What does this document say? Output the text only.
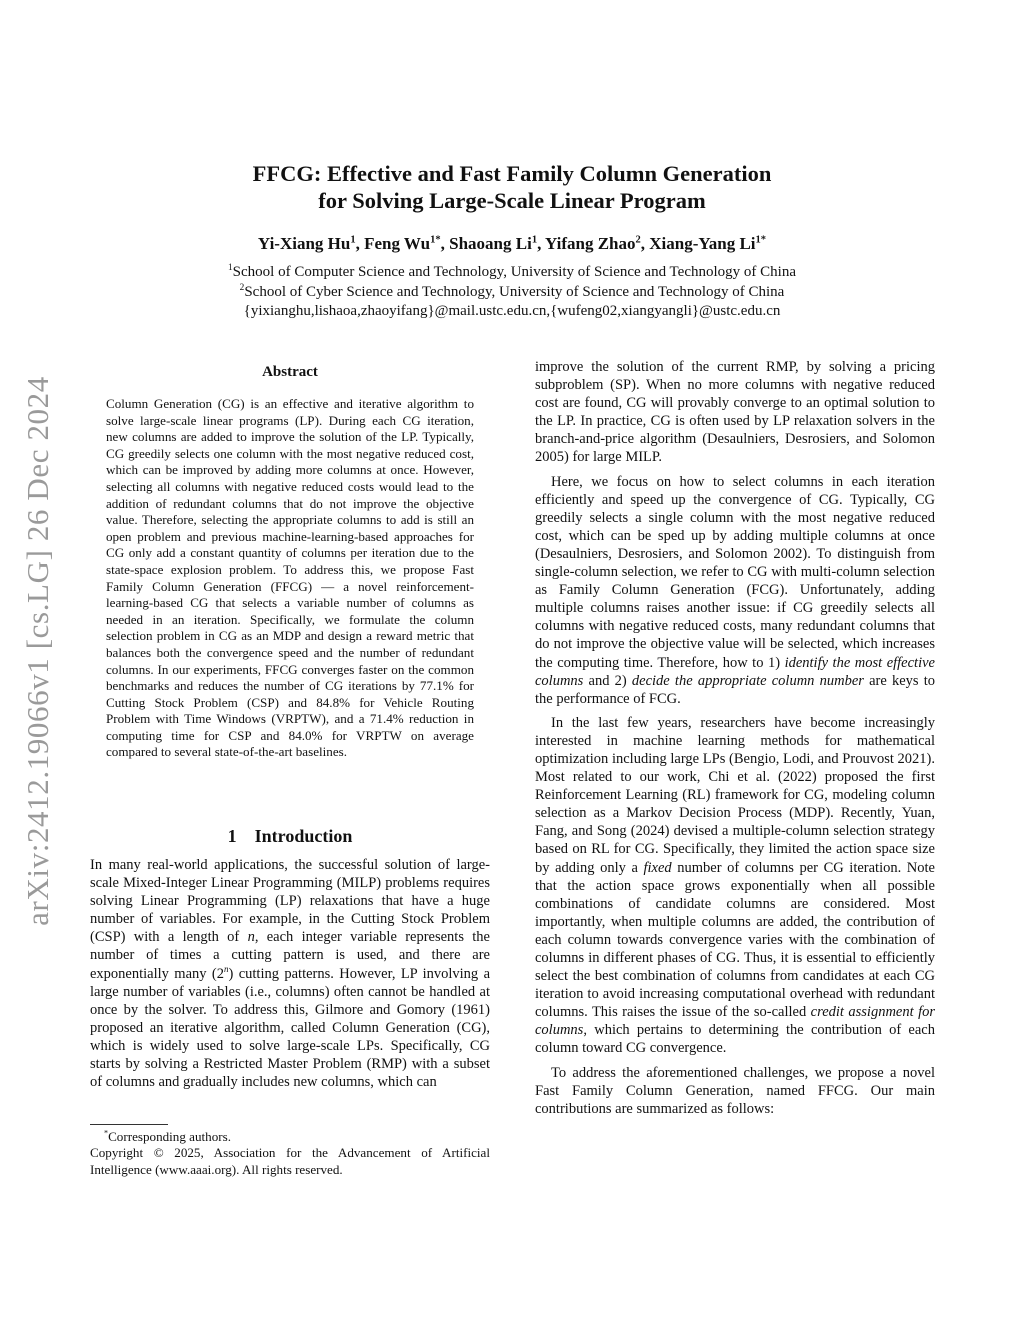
arXiv:2412.19066v1 [cs.LG] 26 Dec 2024
FFCG: Effective and Fast Family Column Generation
for Solving Large-Scale Linear Program
Yi-Xiang Hu$^1$, Feng $Wu^{1*}$, Shaoang Li$^1$, Yifang Zhao$^2$, Xiang-Yang $Li^{1*}$
$^1$School of Computer Science and Technology, University of Science and Technology of China
$^2$School of Cyber Science and Technology, University of Science and Technology of China
{yixianghu,lishaoa,zhaoyifang}@mail.ustc.edu.cn,{wufeng02,xiangyangli}@ustc.edu.cn
Abstract
Column Generation (CG) is an effective and iterative algorithm to solve large-scale linear programs (LP). During each CG iteration, new columns are added to improve the solution of the LP. Typically, CG greedily selects one column with the most negative reduced cost, which can be improved by adding more columns at once. However, selecting all columns with negative reduced costs would lead to the addition of redundant columns that do not improve the objective value. Therefore, selecting the appropriate columns to add is still an open problem and previous machine-learning-based approaches for CG only add a constant quantity of columns per iteration due to the state-space explosion problem. To address this, we propose Fast Family Column Generation (FFCG) — a novel reinforcement-learning-based CG that selects a variable number of columns as needed in an iteration. Specifically, we formulate the column selection problem in CG as an MDP and design a reward metric that balances both the convergence speed and the number of redundant columns. In our experiments, FFCG converges faster on the common benchmarks and reduces the number of CG iterations by 77.1% for Cutting Stock Problem (CSP) and 84.8% for Vehicle Routing Problem with Time Windows (VRPTW), and a 71.4% reduction in computing time for CSP and 84.0% for VRPTW on average compared to several state-of-the-art baselines.
1 Introduction

In many real-world applications, the successful solution of large-scale Mixed-Integer Linear Programming (MILP) problems requires solving Linear Programming (LP) relaxations that have a huge number of variables. For example, in the Cutting Stock Problem (CSP) with a length of n, each integer variable represents the number of times a cutting pattern is used, and there are exponentially many (2$^n$) cutting patterns. However, LP involving a large number of variables (i.e., columns) often cannot be handled at once by the solver. To address this, Gilmore and Gomory (1961) proposed an iterative algorithm, called Column Generation (CG), which is widely used to solve large-scale LPs. Specifically, CG starts by solving a Restricted Master Problem (RMP) with a subset of columns and gradually includes new columns, which can

*Corresponding authors.
Copyright © 2025, Association for the Advancement of Artificial Intelligence (www.aaai.org). All rights reserved.

improve the solution of the current RMP, by solving a pricing subproblem (SP). When no more columns with negative reduced cost are found, CG will provably converge to an optimal solution to the LP. In practice, CG is often used by LP relaxation solvers in the branch-and-price algorithm (Desaulniers, Desrosiers, and Solomon 2005) for large MILP.

Here, we focus on how to select columns in each iteration efficiently and speed up the convergence of CG. Typically, CG greedily selects a single column with the most negative reduced cost, which can be sped up by adding multiple columns at once (Desaulniers, Desrosiers, and Solomon 2002). To distinguish from single-column selection, we refer to CG with multi-column selection as Family Column Generation (FCG). Unfortunately, adding multiple columns raises another issue: if CG greedily selects all columns with negative reduced costs, many redundant columns that do not improve the objective value will be selected, which increases the computing time. Therefore, how to 1) identify the most effective columns and 2) decide the appropriate column number are keys to the performance of FCG.

In the last few years, researchers have become increasingly interested in machine learning methods for mathematical optimization including large LPs (Bengio, Lodi, and Prouvost 2021). Most related to our work, Chi et al. (2022) proposed the first Reinforcement Learning (RL) framework for CG, modeling column selection as a Markov Decision Process (MDP). Recently, Yuan, Fang, and Song (2024) devised a multiple-column selection strategy based on RL for CG. Specifically, they limited the action space size by adding only a fixed number of columns per CG iteration. Note that the action space grows exponentially when all possible combinations of candidate columns are considered. Most importantly, when multiple columns are added, the contribution of each column towards convergence varies with the combination of columns in different phases of CG. Thus, it is essential to efficiently select the best combination of columns from candidates at each CG iteration to avoid increasing computational overhead with redundant columns. This raises the issue of the so-called credit assignment for columns, which pertains to determining the contribution of each column toward CG convergence.

To address the aforementioned challenges, we propose a novel Fast Family Column Generation, named FFCG. Our main contributions are summarized as follows:
